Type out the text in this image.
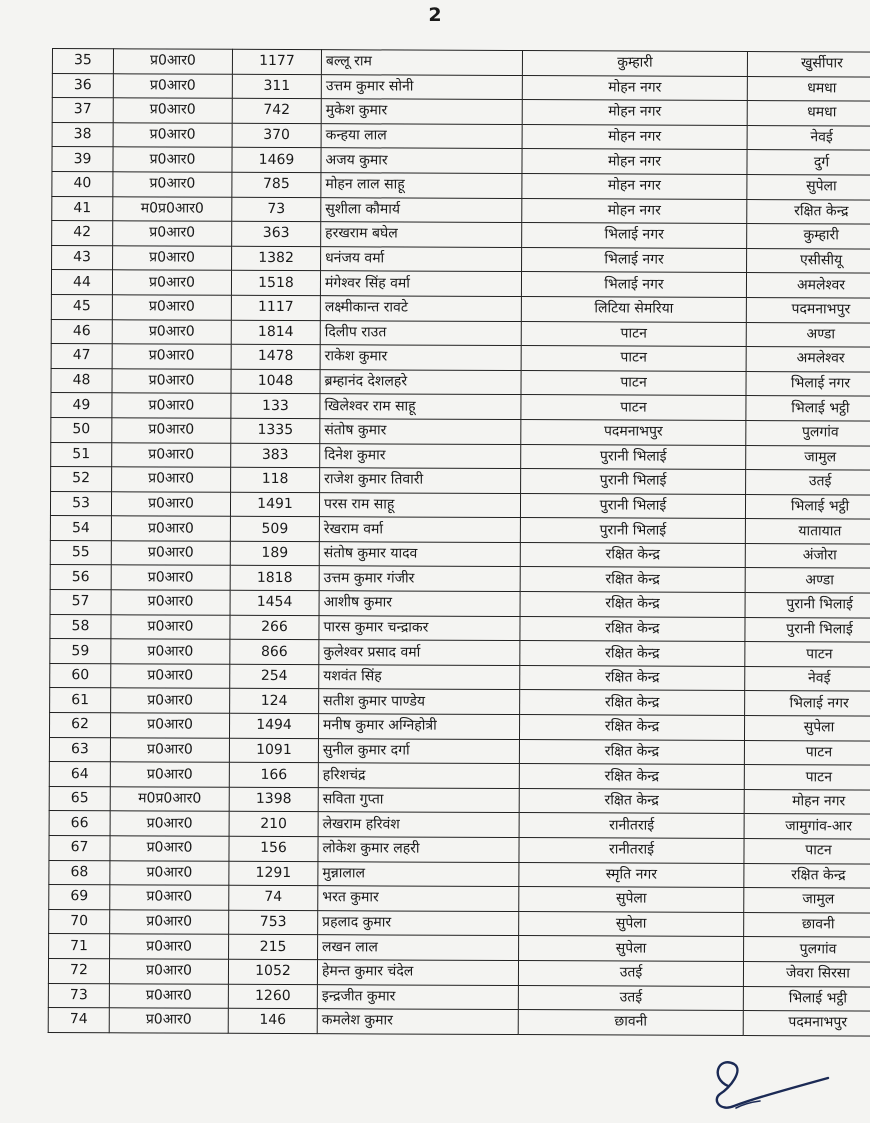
2
35	प्र0आर0	1177	बल्लू राम	कुम्हारी	खुर्सीपार
36	प्र0आर0	311	उत्तम कुमार सोनी	मोहन नगर	धमधा
37	प्र0आर0	742	मुकेश कुमार	मोहन नगर	धमधा
38	प्र0आर0	370	कन्हया लाल	मोहन नगर	नेवई
39	प्र0आर0	1469	अजय कुमार	मोहन नगर	दुर्ग
40	प्र0आर0	785	मोहन लाल साहू	मोहन नगर	सुपेला
41	म0प्र0आर0	73	सुशीला कौमार्य	मोहन नगर	रक्षित केन्द्र
42	प्र0आर0	363	हरखराम बघेल	भिलाई नगर	कुम्हारी
43	प्र0आर0	1382	धनंजय वर्मा	भिलाई नगर	एसीसीयू
44	प्र0आर0	1518	मंगेश्वर सिंह वर्मा	भिलाई नगर	अमलेश्वर
45	प्र0आर0	1117	लक्ष्मीकान्त रावटे	लिटिया सेमरिया	पदमनाभपुर
46	प्र0आर0	1814	दिलीप राउत	पाटन	अण्डा
47	प्र0आर0	1478	राकेश कुमार	पाटन	अमलेश्वर
48	प्र0आर0	1048	ब्रम्हानंद देशलहरे	पाटन	भिलाई नगर
49	प्र0आर0	133	खिलेश्वर राम साहू	पाटन	भिलाई भट्ठी
50	प्र0आर0	1335	संतोष कुमार	पदमनाभपुर	पुलगांव
51	प्र0आर0	383	दिनेश कुमार	पुरानी भिलाई	जामुल
52	प्र0आर0	118	राजेश कुमार तिवारी	पुरानी भिलाई	उतई
53	प्र0आर0	1491	परस राम साहू	पुरानी भिलाई	भिलाई भट्ठी
54	प्र0आर0	509	रेखराम वर्मा	पुरानी भिलाई	यातायात
55	प्र0आर0	189	संतोष कुमार यादव	रक्षित केन्द्र	अंजोरा
56	प्र0आर0	1818	उत्तम कुमार गंजीर	रक्षित केन्द्र	अण्डा
57	प्र0आर0	1454	आशीष कुमार	रक्षित केन्द्र	पुरानी भिलाई
58	प्र0आर0	266	पारस कुमार चन्द्राकर	रक्षित केन्द्र	पुरानी भिलाई
59	प्र0आर0	866	कुलेश्वर प्रसाद वर्मा	रक्षित केन्द्र	पाटन
60	प्र0आर0	254	यशवंत सिंह	रक्षित केन्द्र	नेवई
61	प्र0आर0	124	सतीश कुमार पाण्डेय	रक्षित केन्द्र	भिलाई नगर
62	प्र0आर0	1494	मनीष कुमार अग्निहोत्री	रक्षित केन्द्र	सुपेला
63	प्र0आर0	1091	सुनील कुमार दर्गा	रक्षित केन्द्र	पाटन
64	प्र0आर0	166	हरिशचंद्र	रक्षित केन्द्र	पाटन
65	म0प्र0आर0	1398	सविता गुप्ता	रक्षित केन्द्र	मोहन नगर
66	प्र0आर0	210	लेखराम हरिवंश	रानीतराई	जामुगांव-आर
67	प्र0आर0	156	लोकेश कुमार लहरी	रानीतराई	पाटन
68	प्र0आर0	1291	मुन्नालाल	स्मृति नगर	रक्षित केन्द्र
69	प्र0आर0	74	भरत कुमार	सुपेला	जामुल
70	प्र0आर0	753	प्रहलाद कुमार	सुपेला	छावनी
71	प्र0आर0	215	लखन लाल	सुपेला	पुलगांव
72	प्र0आर0	1052	हेमन्त कुमार चंदेल	उतई	जेवरा सिरसा
73	प्र0आर0	1260	इन्द्रजीत कुमार	उतई	भिलाई भट्ठी
74	प्र0आर0	146	कमलेश कुमार	छावनी	पदमनाभपुर
